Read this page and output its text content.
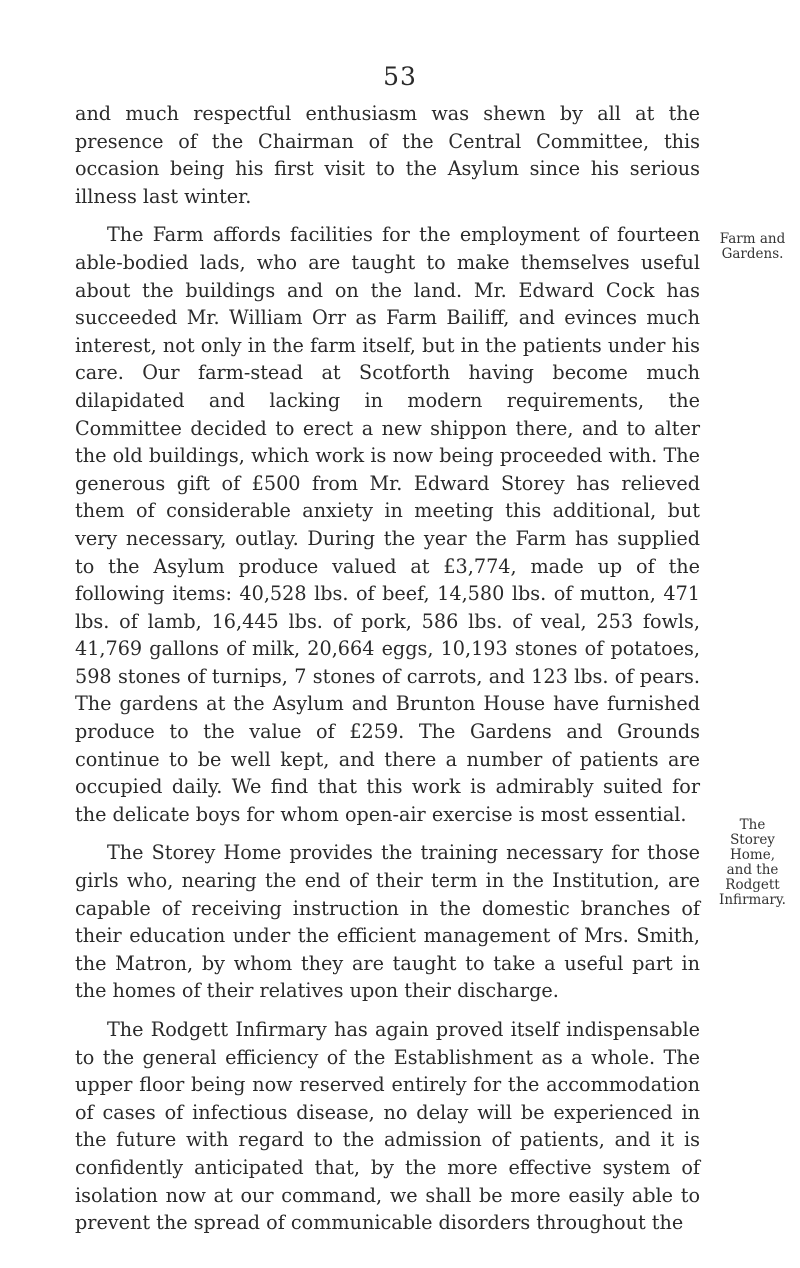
53

and much respectful enthusiasm was shewn by all at the presence of the Chairman of the Central Committee, this occasion being his first visit to the Asylum since his serious illness last winter.

The Farm affords facilities for the employment of fourteen able-bodied lads, who are taught to make themselves useful about the buildings and on the land. Mr. Edward Cock has succeeded Mr. William Orr as Farm Bailiff, and evinces much interest, not only in the farm itself, but in the patients under his care. Our farm-stead at Scotforth having become much dilapidated and lacking in modern requirements, the Committee decided to erect a new shippon there, and to alter the old buildings, which work is now being proceeded with. The generous gift of £500 from Mr. Edward Storey has relieved them of considerable anxiety in meeting this additional, but very necessary, outlay. During the year the Farm has supplied to the Asylum produce valued at £3,774, made up of the following items: 40,528 lbs. of beef, 14,580 lbs. of mutton, 471 lbs. of lamb, 16,445 lbs. of pork, 586 lbs. of veal, 253 fowls, 41,769 gallons of milk, 20,664 eggs, 10,193 stones of potatoes, 598 stones of turnips, 7 stones of carrots, and 123 lbs. of pears. The gardens at the Asylum and Brunton House have furnished produce to the value of £259. The Gardens and Grounds continue to be well kept, and there a number of patients are occupied daily. We find that this work is admirably suited for the delicate boys for whom open-air exercise is most essential.

The Storey Home provides the training necessary for those girls who, nearing the end of their term in the Institution, are capable of receiving instruction in the domestic branches of their education under the efficient management of Mrs. Smith, the Matron, by whom they are taught to take a useful part in the homes of their relatives upon their discharge.

The Rodgett Infirmary has again proved itself indispensable to the general efficiency of the Establishment as a whole. The upper floor being now reserved entirely for the accommodation of cases of infectious disease, no delay will be experienced in the future with regard to the admission of patients, and it is confidently anticipated that, by the more effective system of isolation now at our command, we shall be more easily able to prevent the spread of communicable disorders throughout the

Farm and
Gardens.
The
Storey Home,
and the
Rodgett
Infirmary.
